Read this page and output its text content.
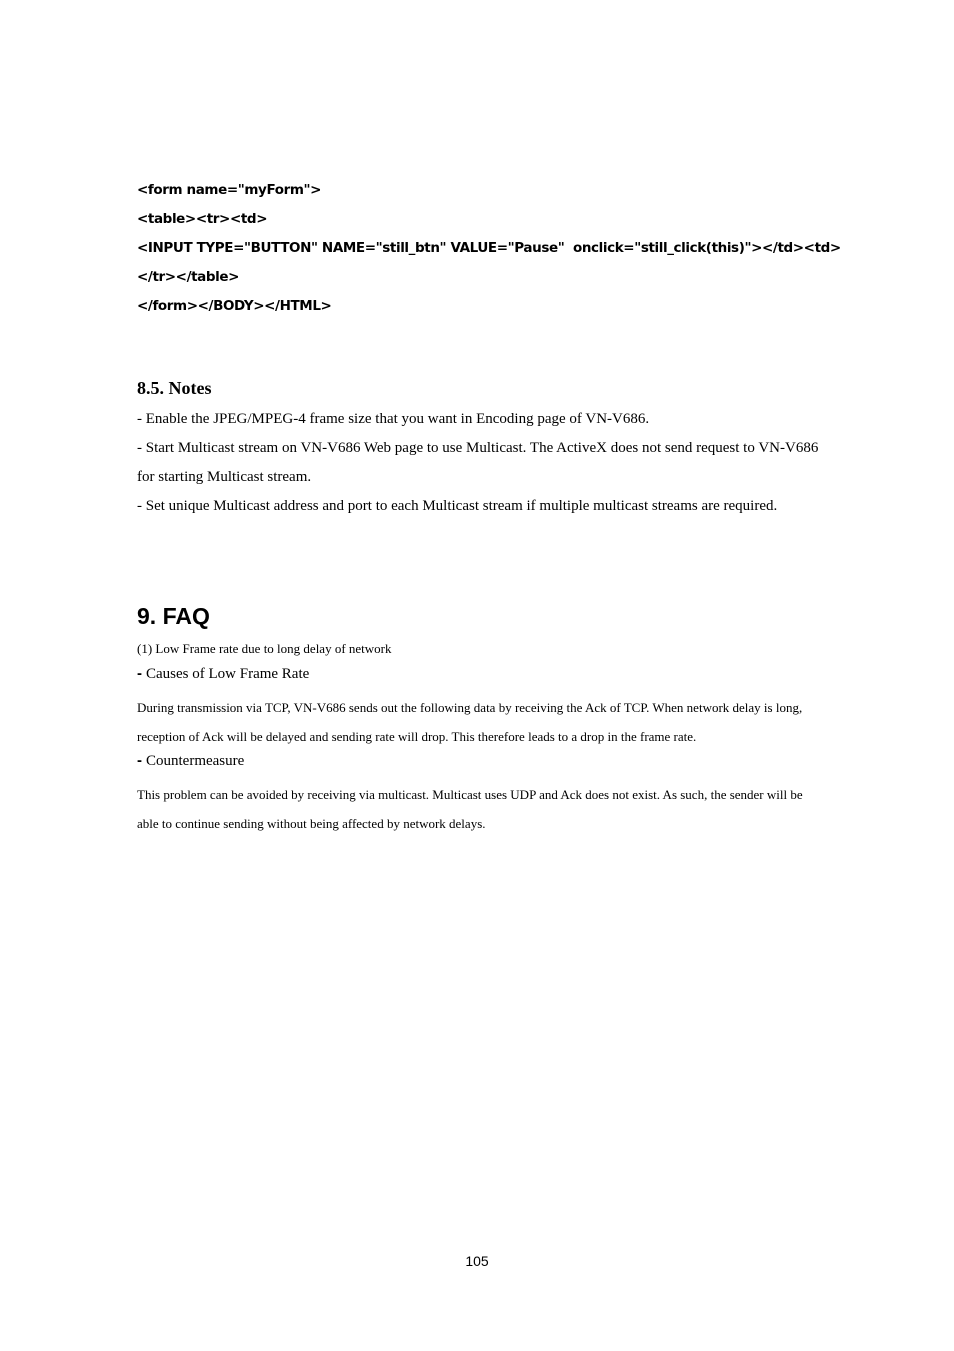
<form name="myForm">
<table><tr><td>
<INPUT TYPE="BUTTON" NAME="still_btn" VALUE="Pause"  onclick="still_click(this)"></td><td>
</tr></table>
</form></BODY></HTML>
8.5. Notes

- Enable the JPEG/MPEG-4 frame size that you want in Encoding page of VN-V686.

- Start Multicast stream on VN-V686 Web page to use Multicast. The ActiveX does not send request to VN-V686 for starting Multicast stream.

- Set unique Multicast address and port to each Multicast stream if multiple multicast streams are required.

9. FAQ
(1) Low Frame rate due to long delay of network
- Causes of Low Frame Rate

During transmission via TCP, VN-V686 sends out the following data by receiving the Ack of TCP. When network delay is long, reception of Ack will be delayed and sending rate will drop. This therefore leads to a drop in the frame rate.

- Countermeasure

This problem can be avoided by receiving via multicast. Multicast uses UDP and Ack does not exist. As such, the sender will be able to continue sending without being affected by network delays.

105
